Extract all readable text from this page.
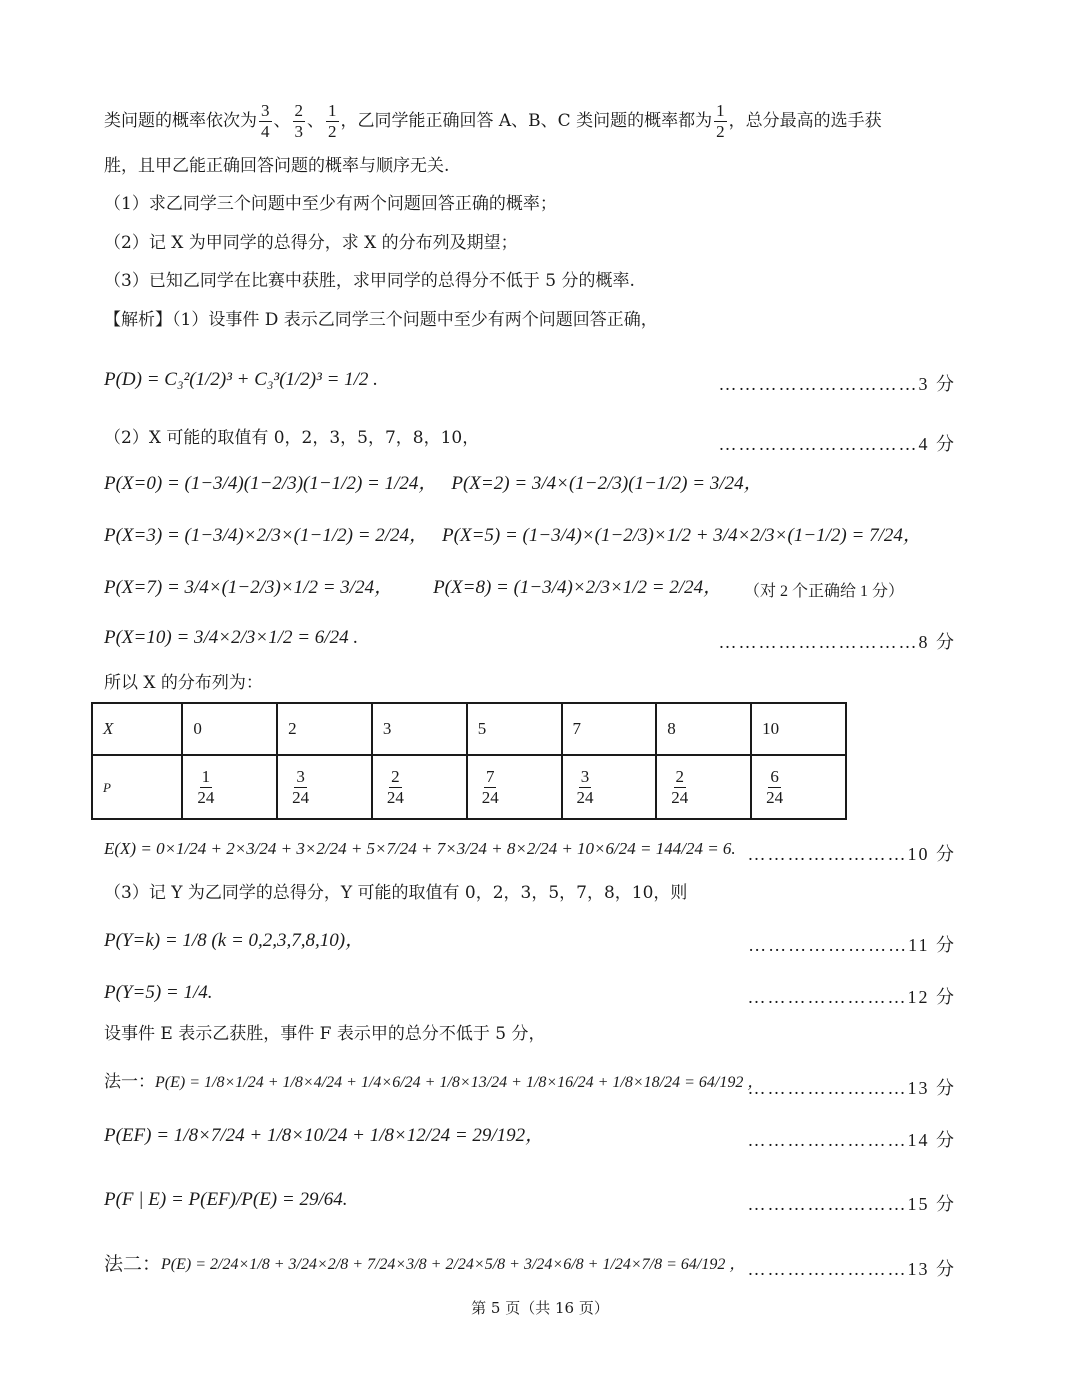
类问题的概率依次为 $\frac{3}{4}$ 、 $\frac{2}{3}$ 、 $\frac{1}{2}$ ，乙同学能正确回答 A、B、C 类问题的概率都为 $\frac{1}{2}$ ，总分最高的选手获
胜，且甲乙能正确回答问题的概率与顺序无关.
（1）求乙同学三个问题中至少有两个问题回答正确的概率；
（2）记 X 为甲同学的总得分，求 X 的分布列及期望；
（3）已知乙同学在比赛中获胜，求甲同学的总得分不低于 5 分的概率.
【解析】（1）设事件 D 表示乙同学三个问题中至少有两个问题回答正确，
P(D) = C₃²(1/2)³ + C₃³(1/2)³ = 1/2 .	…………………………3 分
（2）X 可能的取值有 0，2，3，5，7，8，10，	…………………………4 分
P(X=0) = (1−3/4)(1−2/3)(1−1/2) = 1/24， P(X=2) = 3/4×(1−2/3)(1−1/2) = 3/24，
P(X=3) = (1−3/4)×2/3×(1−1/2) = 2/24， P(X=5) = (1−3/4)×(1−2/3)×1/2 + 3/4×2/3×(1−1/2) = 7/24，
P(X=7) = 3/4×(1−2/3)×1/2 = 3/24， P(X=8) = (1−3/4)×2/3×1/2 = 2/24， （对 2 个正确给 1 分）
P(X=10) = 3/4×2/3×1/2 = 6/24 .	…………………………8 分
所以 X 的分布列为：
X	0	2	3	5	7	8	10
P	$\frac{1}{24}$	$\frac{3}{24}$	$\frac{2}{24}$	$\frac{7}{24}$	$\frac{3}{24}$	$\frac{2}{24}$	$\frac{6}{24}$
E(X) = 0×1/24 + 2×3/24 + 3×2/24 + 5×7/24 + 7×3/24 + 8×2/24 + 10×6/24 = 144/24 = 6. ……………………10 分
（3）记 Y 为乙同学的总得分，Y 可能的取值有 0，2，3，5，7，8，10，则
P(Y=k) = 1/8 (k = 0,2,3,7,8,10)，	……………………11 分
P(Y=5) = 1/4.	……………………12 分
设事件 E 表示乙获胜，事件 F 表示甲的总分不低于 5 分，
法一： P(E) = 1/8×1/24 + 1/8×4/24 + 1/4×6/24 + 1/8×13/24 + 1/8×16/24 + 1/8×18/24 = 64/192 ，
……………………13 分
P(EF) = 1/8×7/24 + 1/8×10/24 + 1/8×12/24 = 29/192，	……………………14 分
P(F | E) = P(EF)/P(E) = 29/64.	……………………15 分
法二： P(E) = 2/24×1/8 + 3/24×2/8 + 7/24×3/8 + 2/24×5/8 + 3/24×6/8 + 1/24×7/8 = 64/192 ， ……………………13 分
第 5 页（共 16 页）
